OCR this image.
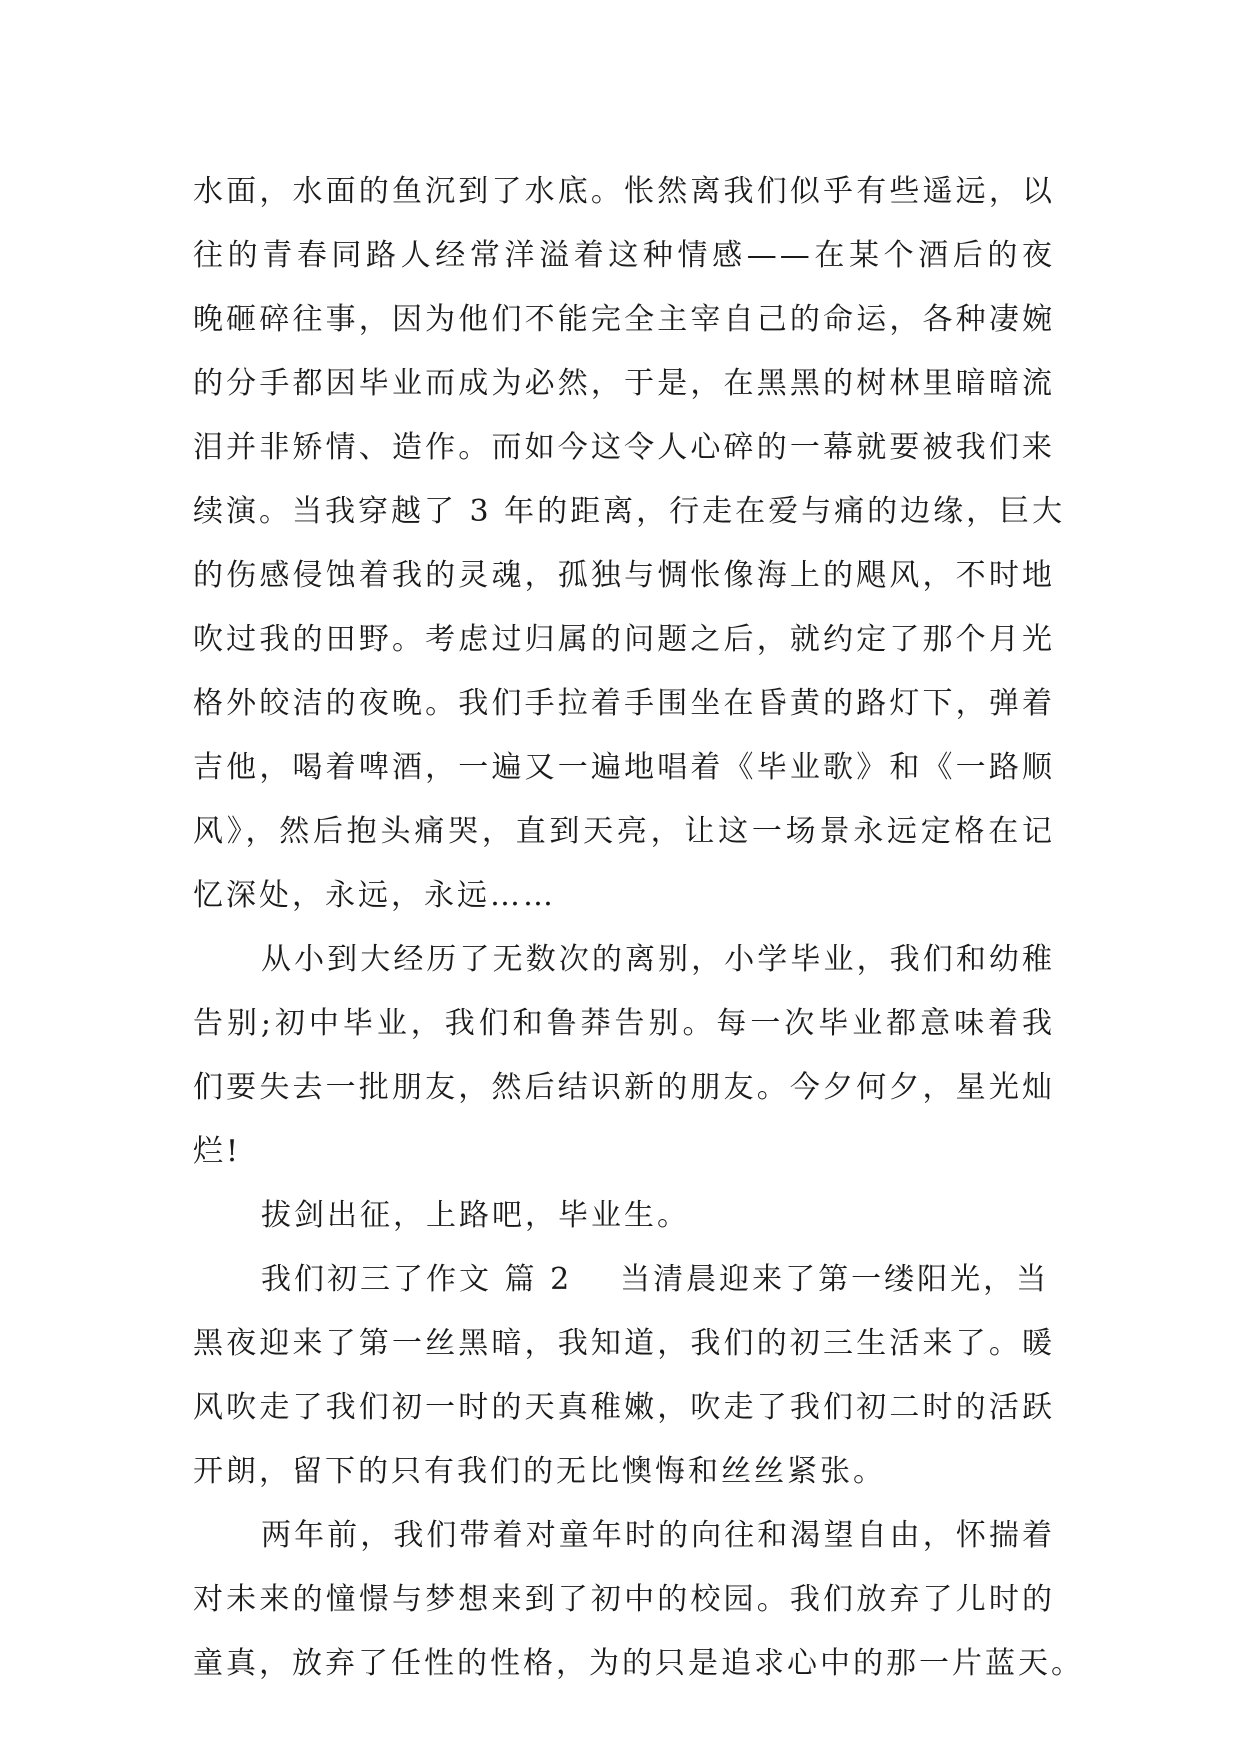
水面，水面的鱼沉到了水底。怅然离我们似乎有些遥远，以
往的青春同路人经常洋溢着这种情感——在某个酒后的夜
晚砸碎往事，因为他们不能完全主宰自己的命运，各种凄婉
的分手都因毕业而成为必然，于是，在黑黑的树林里暗暗流
泪并非矫情、造作。而如今这令人心碎的一幕就要被我们来
续演。当我穿越了 3 年的距离，行走在爱与痛的边缘，巨大
的伤感侵蚀着我的灵魂，孤独与惆怅像海上的飓风，不时地
吹过我的田野。考虑过归属的问题之后，就约定了那个月光
格外皎洁的夜晚。我们手拉着手围坐在昏黄的路灯下，弹着
吉他，喝着啤酒，一遍又一遍地唱着《毕业歌》和《一路顺
风》，然后抱头痛哭，直到天亮，让这一场景永远定格在记
忆深处，永远，永远……
从小到大经历了无数次的离别，小学毕业，我们和幼稚
告别;初中毕业，我们和鲁莽告别。每一次毕业都意味着我
们要失去一批朋友，然后结识新的朋友。今夕何夕，星光灿
烂!
拔剑出征，上路吧，毕业生。
我们初三了作文 篇 2 当清晨迎来了第一缕阳光，当
黑夜迎来了第一丝黑暗，我知道，我们的初三生活来了。暖
风吹走了我们初一时的天真稚嫩，吹走了我们初二时的活跃
开朗，留下的只有我们的无比懊悔和丝丝紧张。
两年前，我们带着对童年时的向往和渴望自由，怀揣着
对未来的憧憬与梦想来到了初中的校园。我们放弃了儿时的
童真，放弃了任性的性格，为的只是追求心中的那一片蓝天。
